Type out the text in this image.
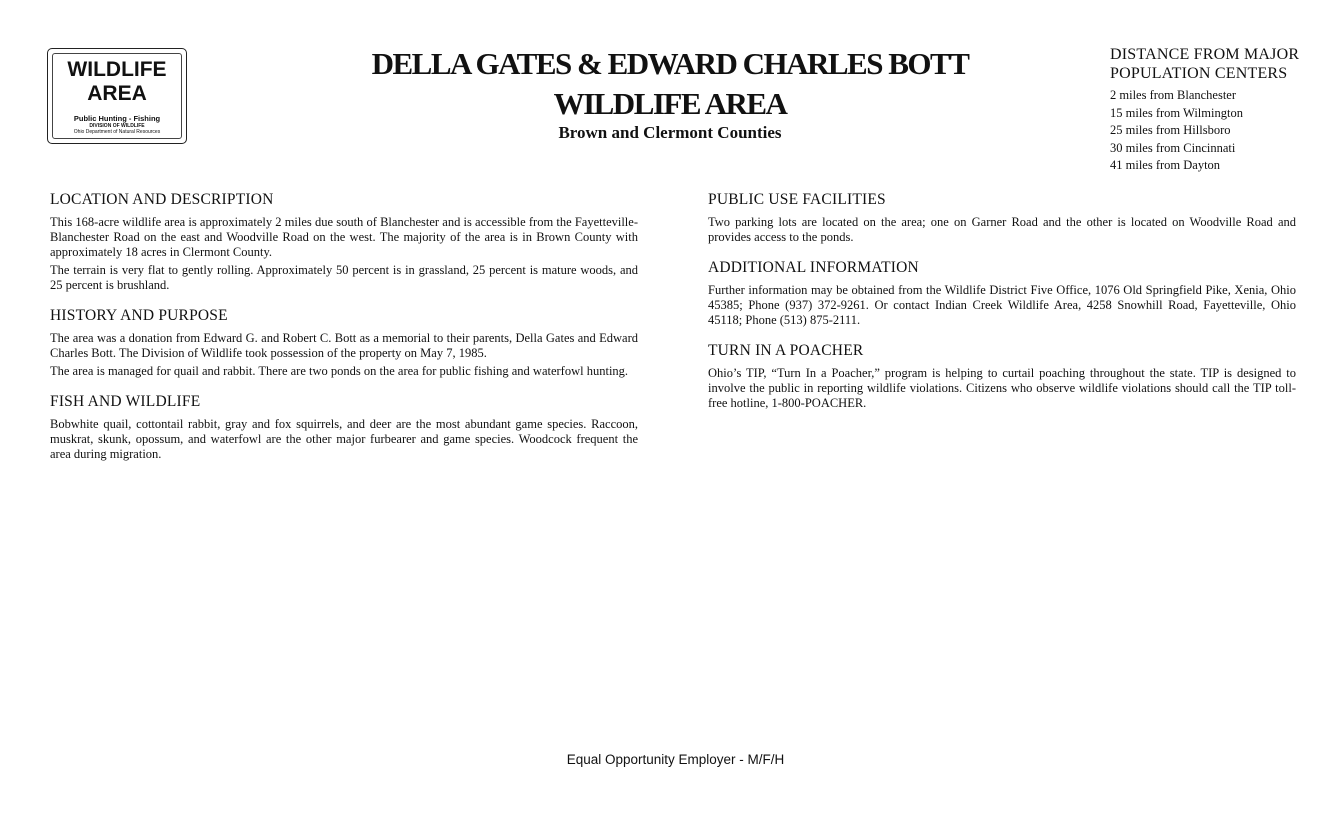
WILDLIFE
AREA
Public Hunting - Fishing
DIVISION OF WILDLIFE
Ohio Department of Natural Resources
DELLA GATES & EDWARD CHARLES BOTT
WILDLIFE AREA
Brown and Clermont Counties
DISTANCE FROM MAJOR
POPULATION CENTERS
2 miles from Blanchester
15 miles from Wilmington
25 miles from Hillsboro
30 miles from Cincinnati
41 miles from Dayton
LOCATION AND DESCRIPTION

This 168-acre wildlife area is approximately 2 miles due south of Blanchester and is accessible from the Fayetteville-Blanchester Road on the east and Woodville Road on the west. The majority of the area is in Brown County with approximately 18 acres in Clermont County.

The terrain is very flat to gently rolling. Approximately 50 percent is in grassland, 25 percent is mature woods, and 25 percent is brushland.

HISTORY AND PURPOSE

The area was a donation from Edward G. and Robert C. Bott as a memorial to their parents, Della Gates and Edward Charles Bott. The Division of Wildlife took possession of the property on May 7, 1985.

The area is managed for quail and rabbit. There are two ponds on the area for public fishing and waterfowl hunting.

FISH AND WILDLIFE

Bobwhite quail, cottontail rabbit, gray and fox squirrels, and deer are the most abundant game species. Raccoon, muskrat, skunk, opossum, and waterfowl are the other major furbearer and game species. Woodcock frequent the area during migration.

PUBLIC USE FACILITIES

Two parking lots are located on the area; one on Garner Road and the other is located on Woodville Road and provides access to the ponds.

ADDITIONAL INFORMATION

Further information may be obtained from the Wildlife District Five Office, 1076 Old Springfield Pike, Xenia, Ohio 45385; Phone (937) 372-9261. Or contact Indian Creek Wildlife Area, 4258 Snowhill Road, Fayetteville, Ohio 45118; Phone (513) 875-2111.

TURN IN A POACHER

Ohio’s TIP, “Turn In a Poacher,” program is helping to curtail poaching throughout the state. TIP is designed to involve the public in reporting wildlife violations. Citizens who observe wildlife violations should call the TIP toll-free hotline, 1-800-POACHER.

Equal Opportunity Employer - M/F/H
